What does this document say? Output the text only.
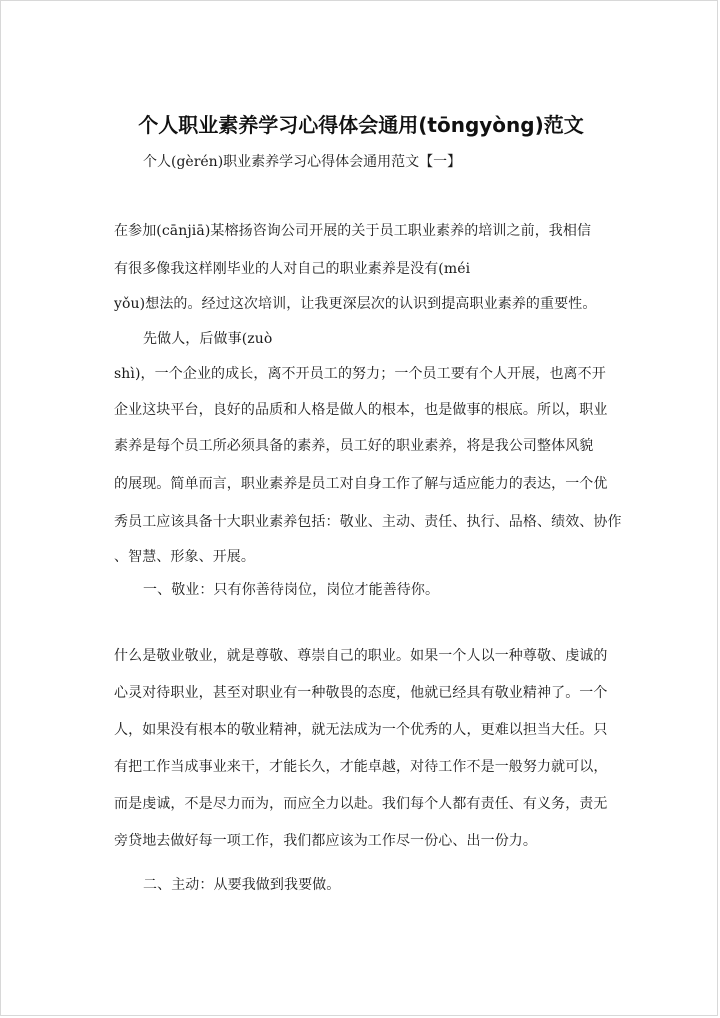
个人职业素养学习心得体会通用(tōngyòng)范文
个人(gèrén)职业素养学习心得体会通用范文【一】
在参加(cānjiā)某榕扬咨询公司开展的关于员工职业素养的培训之前，我相信
有很多像我这样刚毕业的人对自己的职业素养是没有(méi
yǒu)想法的。经过这次培训，让我更深层次的认识到提高职业素养的重要性。
先做人，后做事(zuò
shì)，一个企业的成长，离不开员工的努力；一个员工要有个人开展，也离不开
企业这块平台，良好的品质和人格是做人的根本，也是做事的根底。所以，职业
素养是每个员工所必须具备的素养，员工好的职业素养，将是我公司整体风貌
的展现。简单而言，职业素养是员工对自身工作了解与适应能力的表达，一个优
秀员工应该具备十大职业素养包括：敬业、主动、责任、执行、品格、绩效、协作
、智慧、形象、开展。
一、敬业：只有你善待岗位，岗位才能善待你。
什么是敬业敬业，就是尊敬、尊崇自己的职业。如果一个人以一种尊敬、虔诚的
心灵对待职业，甚至对职业有一种敬畏的态度，他就已经具有敬业精神了。一个
人，如果没有根本的敬业精神，就无法成为一个优秀的人，更难以担当大任。只
有把工作当成事业来干，才能长久，才能卓越，对待工作不是一般努力就可以，
而是虔诚，不是尽力而为，而应全力以赴。我们每个人都有责任、有义务，责无
旁贷地去做好每一项工作，我们都应该为工作尽一份心、出一份力。
二、主动：从要我做到我要做。
